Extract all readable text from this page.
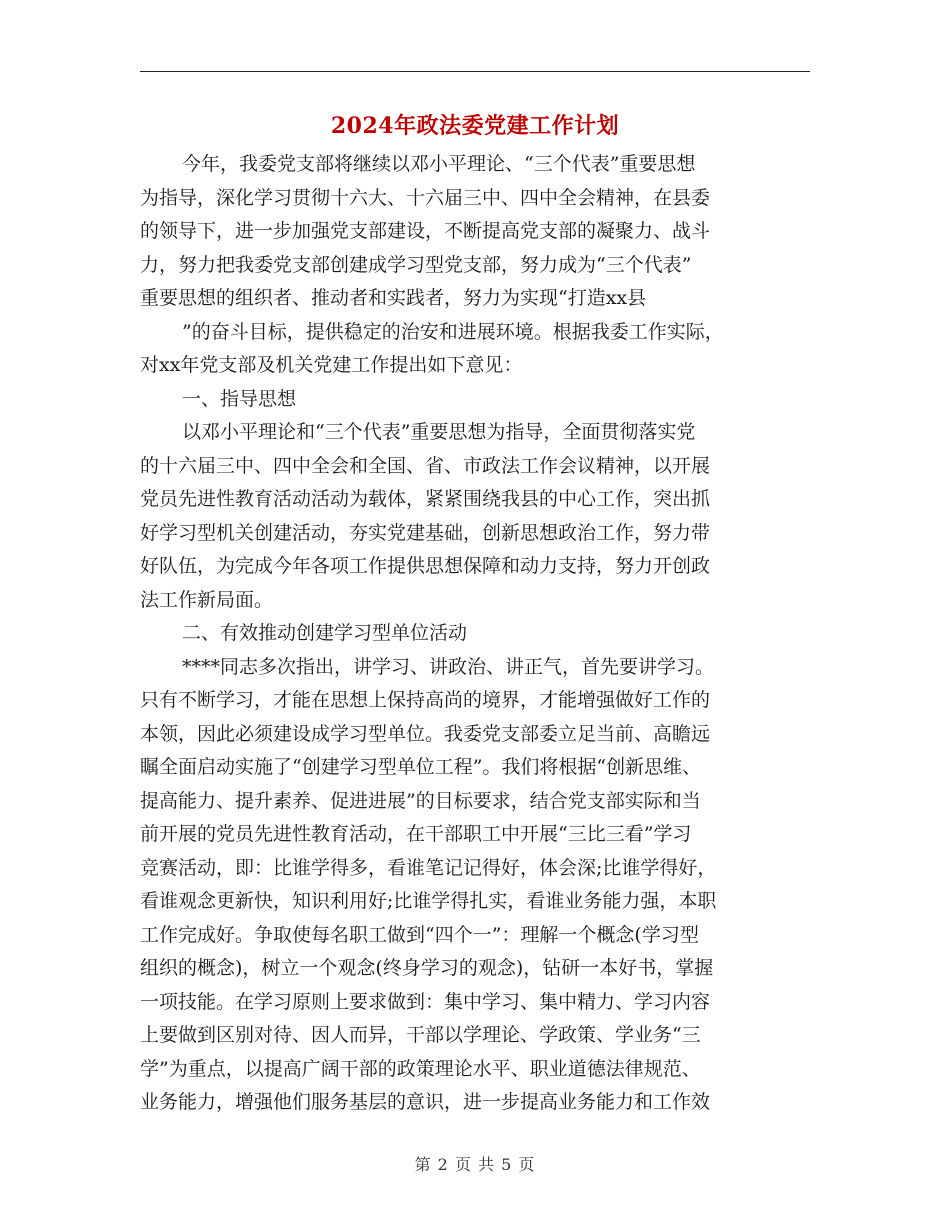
2024年政法委党建工作计划
今年，我委党支部将继续以邓小平理论、“三个代表”重要思想
为指导，深化学习贯彻十六大、十六届三中、四中全会精神，在县委
的领导下，进一步加强党支部建设，不断提高党支部的凝聚力、战斗
力，努力把我委党支部创建成学习型党支部，努力成为“三个代表”
重要思想的组织者、推动者和实践者，努力为实现“打造xx县
”的奋斗目标，提供稳定的治安和进展环境。根据我委工作实际，
对xx年党支部及机关党建工作提出如下意见：
一、指导思想
以邓小平理论和“三个代表”重要思想为指导，全面贯彻落实党
的十六届三中、四中全会和全国、省、市政法工作会议精神，以开展
党员先进性教育活动活动为载体，紧紧围绕我县的中心工作，突出抓
好学习型机关创建活动，夯实党建基础，创新思想政治工作，努力带
好队伍，为完成今年各项工作提供思想保障和动力支持，努力开创政
法工作新局面。
二、有效推动创建学习型单位活动
****同志多次指出，讲学习、讲政治、讲正气，首先要讲学习。
只有不断学习，才能在思想上保持高尚的境界，才能增强做好工作的
本领，因此必须建设成学习型单位。我委党支部委立足当前、高瞻远
瞩全面启动实施了“创建学习型单位工程”。我们将根据“创新思维、
提高能力、提升素养、促进进展”的目标要求，结合党支部实际和当
前开展的党员先进性教育活动，在干部职工中开展“三比三看”学习
竞赛活动，即：比谁学得多，看谁笔记记得好，体会深;比谁学得好，
看谁观念更新快，知识利用好;比谁学得扎实，看谁业务能力强，本职
工作完成好。争取使每名职工做到“四个一”：理解一个概念(学习型
组织的概念)，树立一个观念(终身学习的观念)，钻研一本好书，掌握
一项技能。在学习原则上要求做到：集中学习、集中精力、学习内容
上要做到区别对待、因人而异，干部以学理论、学政策、学业务“三
学”为重点，以提高广阔干部的政策理论水平、职业道德法律规范、
业务能力，增强他们服务基层的意识，进一步提高业务能力和工作效
第 2 页 共 5 页
